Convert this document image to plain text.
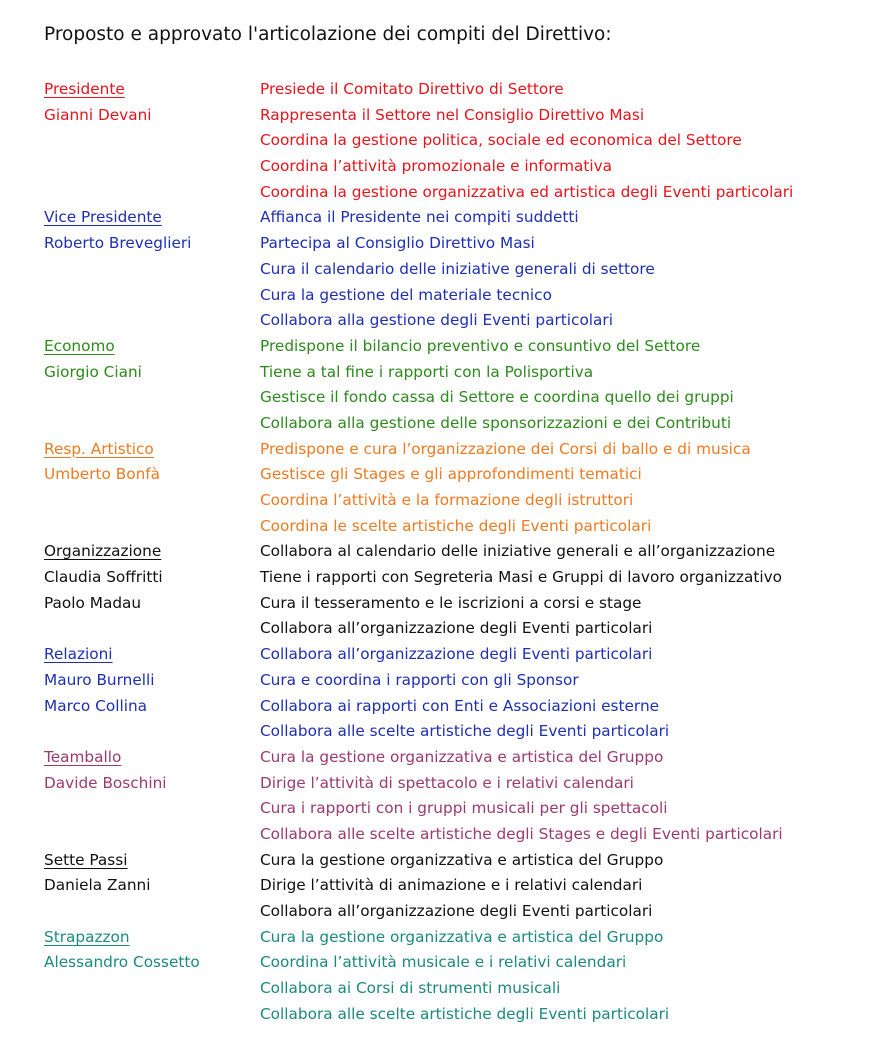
Proposto e approvato l'articolazione dei compiti del Direttivo:
Presidente	Presiede il Comitato Direttivo di Settore
Gianni Devani	Rappresenta il Settore nel Consiglio Direttivo Masi
Coordina la gestione politica, sociale ed economica del Settore
Coordina l’attività promozionale e informativa
Coordina la gestione organizzativa ed artistica degli Eventi particolari
Vice Presidente	Affianca il Presidente nei compiti suddetti
Roberto Breveglieri	Partecipa al Consiglio Direttivo Masi
Cura il calendario delle iniziative generali di settore
Cura la gestione del materiale tecnico
Collabora alla gestione degli Eventi particolari
Economo	Predispone il bilancio preventivo e consuntivo del Settore
Giorgio Ciani	Tiene a tal fine i rapporti con la Polisportiva
Gestisce il fondo cassa di Settore e coordina quello dei gruppi
Collabora alla gestione delle sponsorizzazioni e dei Contributi
Resp. Artistico	Predispone e cura l’organizzazione dei Corsi di ballo e di musica
Umberto Bonfà	Gestisce gli Stages e gli approfondimenti tematici
Coordina l’attività e la formazione degli istruttori
Coordina le scelte artistiche degli Eventi particolari
Organizzazione	Collabora al calendario delle iniziative generali e all’organizzazione
Claudia Soffritti	Tiene i rapporti con Segreteria Masi e Gruppi di lavoro organizzativo
Paolo Madau	Cura il tesseramento e le iscrizioni a corsi e stage
Collabora all’organizzazione degli Eventi particolari
Relazioni	Collabora all’organizzazione degli Eventi particolari
Mauro Burnelli	Cura e coordina i rapporti con gli Sponsor
Marco Collina	Collabora ai rapporti con Enti e Associazioni esterne
Collabora alle scelte artistiche degli Eventi particolari
Teamballo	Cura la gestione organizzativa e artistica del Gruppo
Davide Boschini	Dirige l’attività di spettacolo e i relativi calendari
Cura i rapporti con i gruppi musicali per gli spettacoli
Collabora alle scelte artistiche degli Stages e degli Eventi particolari
Sette Passi	Cura la gestione organizzativa e artistica del Gruppo
Daniela Zanni	Dirige l’attività di animazione e i relativi calendari
Collabora all’organizzazione degli Eventi particolari
Strapazzon	Cura la gestione organizzativa e artistica del Gruppo
Alessandro Cossetto	Coordina l’attività musicale e i relativi calendari
Collabora ai Corsi di strumenti musicali
Collabora alle scelte artistiche degli Eventi particolari
